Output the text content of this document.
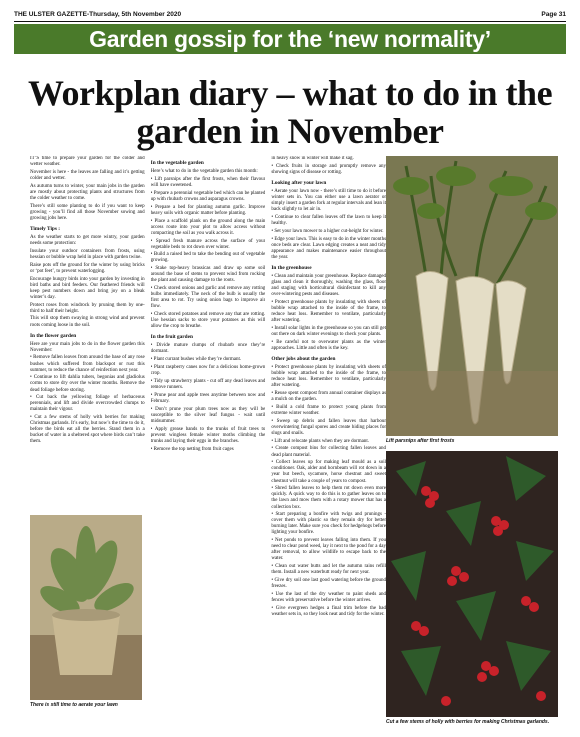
THE ULSTER GAZETTE-Thursday, 5th November 2020	Page 31
Garden gossip for the ‘new normality’
Workplan diary – what to do in the garden in November

IT’S time to prepare your garden for the colder and wetter weather.

November is here - the leaves are falling and it’s getting colder and wetter.

As autumn turns to winter, your main jobs in the garden are mostly about protecting plants and structures from the colder weather to come.

There’s still some planting to do if you want to keep growing - you’ll find all those November sowing and growing jobs here.

Timely Tips :

As the weather starts to get more wintry, your garden needs some protection:

Insulate your outdoor containers from frosts, using hessian or bubble wrap held in place with garden twine.

Raise pots off the ground for the winter by using bricks or ‘pot feet’, to prevent waterlogging.

Encourage hungry birds into your garden by investing in bird baths and bird feeders. Our feathered friends will keep pest numbers down and bring joy on a bleak winter’s day.

Protect roses from windrock by pruning them by one-third to half their height.

This will stop them swaying in strong wind and prevent roots coming loose in the soil.

In the flower garden

Here are your main jobs to do in the flower garden this November:

• Remove fallen leaves from around the base of any rose bushes which suffered from blackspot or rust this summer, to reduce the chance of reinfection next year.

• Continue to lift dahlia tubers, begonias and gladiolus corms to store dry over the winter months. Remove the dead foliage before storing.

• Cut back the yellowing foliage of herbaceous perennials, and lift and divide overcrowded clumps to maintain their vigour.

• Cut a few stems of holly with berries for making Christmas garlands. It’s early, but now’s the time to do it, before the birds eat all the berries. Stand them in a bucket of water in a sheltered spot where birds can’t take them.

In the vegetable garden

Here’s what to do in the vegetable garden this month:

• Lift parsnips after the first frosts, when their flavour will have sweetened.

• Prepare a perennial vegetable bed which can be planted up with rhubarb crowns and asparagus crowns.

• Prepare a bed for planting autumn garlic. Improve heavy soils with organic matter before planting.

• Place a scaffold plank on the ground along the main access route into your plot to allow access without compacting the soil as you walk across it.

• Spread fresh manure across the surface of your vegetable beds to rot down over winter.

• Build a raised bed to take the bending out of vegetable growing.

• Stake top-heavy brassicas and draw up some soil around the base of stems to prevent wind from rocking the plant and causing damage to the roots.

• Check stored onions and garlic and remove any rotting bulbs immediately. The neck of the bulb is usually the first area to rot. Try using onion bags to improve air flow.

• Check stored potatoes and remove any that are rotting. Use hessian sacks to store your potatoes as this will allow the crop to breathe.

In the fruit garden

• Divide mature clumps of rhubarb once they’re dormant.

• Plant currant bushes while they’re dormant.

• Plant raspberry canes now for a delicious home-grown crop.

• Tidy up strawberry plants - cut off any dead leaves and remove runners.

• Prune pear and apple trees anytime between now and February.

• Don’t prune your plum trees now as they will be susceptible to the silver leaf fungus - wait until midsummer.

• Apply grease bands to the trunks of fruit trees to prevent wingless female winter moths climbing the trunks and laying their eggs in the branches.

• Remove the top netting from fruit cages

in heavy snow in winter will make it sag.

• Check fruits in storage and promptly remove any showing signs of disease or rotting.

Looking after your lawn

• Aerate your lawn now - there’s still time to do it before winter sets in. You can either use a lawn aerator or simply insert a garden fork at regular intervals and lean it back slightly to let air in.

• Continue to clear fallen leaves off the lawn to keep it healthy.

• Set your lawn mower to a higher cut-height for winter.

• Edge your lawn. This is easy to do in the winter months once beds are clear. Lawn edging creates a neat and tidy appearance and makes maintenance easier throughout the year.

In the greenhouse

• Clean and maintain your greenhouse. Replace damaged glass and clean it thoroughly, washing the glass, floor and staging with horticultural disinfectant to kill any over-wintering pests and diseases.

• Protect greenhouse plants by insulating with sheets of bubble wrap attached to the inside of the frame, to reduce heat loss. Remember to ventilate, particularly after watering.

• Install solar lights in the greenhouse so you can still get out there on dark winter evenings to check your plants.

• Be careful not to overwater plants as the winter approaches. Little and often is the key.

Other jobs about the garden

• Protect greenhouse plants by insulating with sheets of bubble wrap attached to the inside of the frame, to reduce heat loss. Remember to ventilate, particularly after watering.

• Reuse spent compost from annual container displays as a mulch on the garden.

• Build a cold frame to protect young plants from extreme winter weather.

• Sweep up debris and fallen leaves that harbour overwintering fungal spores and create hiding places for slugs and snails.

• Lift and relocate plants when they are dormant.

• Create compost bins for collecting fallen leaves and dead plant material.

• Collect leaves up for making leaf mould as a soil conditioner. Oak, alder and hornbeam will rot down in a year but beech, sycamore, horse chestnut and sweet chestnut will take a couple of years to compost.

• Shred fallen leaves to help them rot down even more quickly. A quick way to do this is to gather leaves on to the lawn and mow them with a rotary mower that has a collection box.

• Start preparing a bonfire with twigs and prunings - cover them with plastic so they remain dry for better burning later. Make sure you check for hedgehogs before lighting your bonfire.

• Net ponds to prevent leaves falling into them. If you need to clear pond weed, lay it next to the pond for a day after removal, to allow wildlife to escape back to the water.

• Clean out water butts and let the autumn rains refill them. Install a new waterbutt ready for next year.

• Give dry soil one last good watering before the ground freezes.

• Use the last of the dry weather to paint sheds and fences with preservative before the winter arrives.

• Give evergreen hedges a final trim before the bad weather sets in, so they look neat and tidy for the winter.

There is still time to aerate your lawn
Lift parsnips after first frosts
Cut a few stems of holly with berries for making Christmas garlands.
